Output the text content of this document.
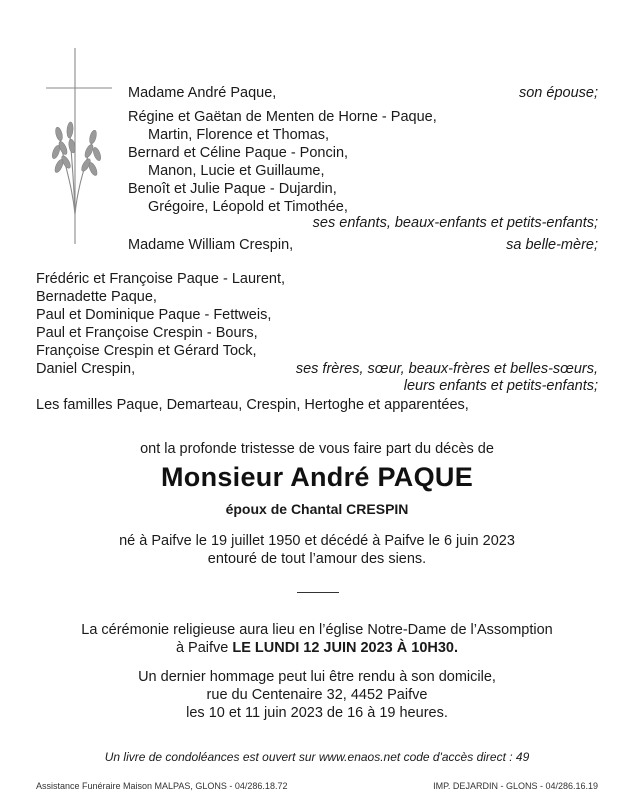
Madame André Paque,	son épouse;
Régine et Gaëtan de Menten de Horne - Paque,
Martin, Florence et Thomas,
Bernard et Céline Paque - Poncin,
Manon, Lucie et Guillaume,
Benoît et Julie Paque - Dujardin,
Grégoire, Léopold et Timothée,
ses enfants, beaux-enfants et petits-enfants;
Madame William Crespin,	sa belle-mère;
Frédéric et Françoise Paque - Laurent,
Bernadette Paque,
Paul et Dominique Paque - Fettweis,
Paul et Françoise Crespin - Bours,
Françoise Crespin et Gérard Tock,
Daniel Crespin,	ses frères, sœur, beaux-frères et belles-sœurs,
leurs enfants et petits-enfants;
Les familles Paque, Demarteau, Crespin, Hertoghe et apparentées,
ont la profonde tristesse de vous faire part du décès de
Monsieur André PAQUE
époux de Chantal CRESPIN
né à Paifve le 19 juillet 1950 et décédé à Paifve le 6 juin 2023
entouré de tout l’amour des siens.
La cérémonie religieuse aura lieu en l’église Notre-Dame de l’Assomption
à Paifve LE LUNDI 12 JUIN 2023 À 10H30.
Un dernier hommage peut lui être rendu à son domicile,
rue du Centenaire 32, 4452 Paifve
les 10 et 11 juin 2023 de 16 à 19 heures.
Un livre de condoléances est ouvert sur www.enaos.net code d'accès direct : 49
Assistance Funéraire Maison MALPAS, GLONS - 04/286.18.72	IMP. DEJARDIN - GLONS - 04/286.16.19
